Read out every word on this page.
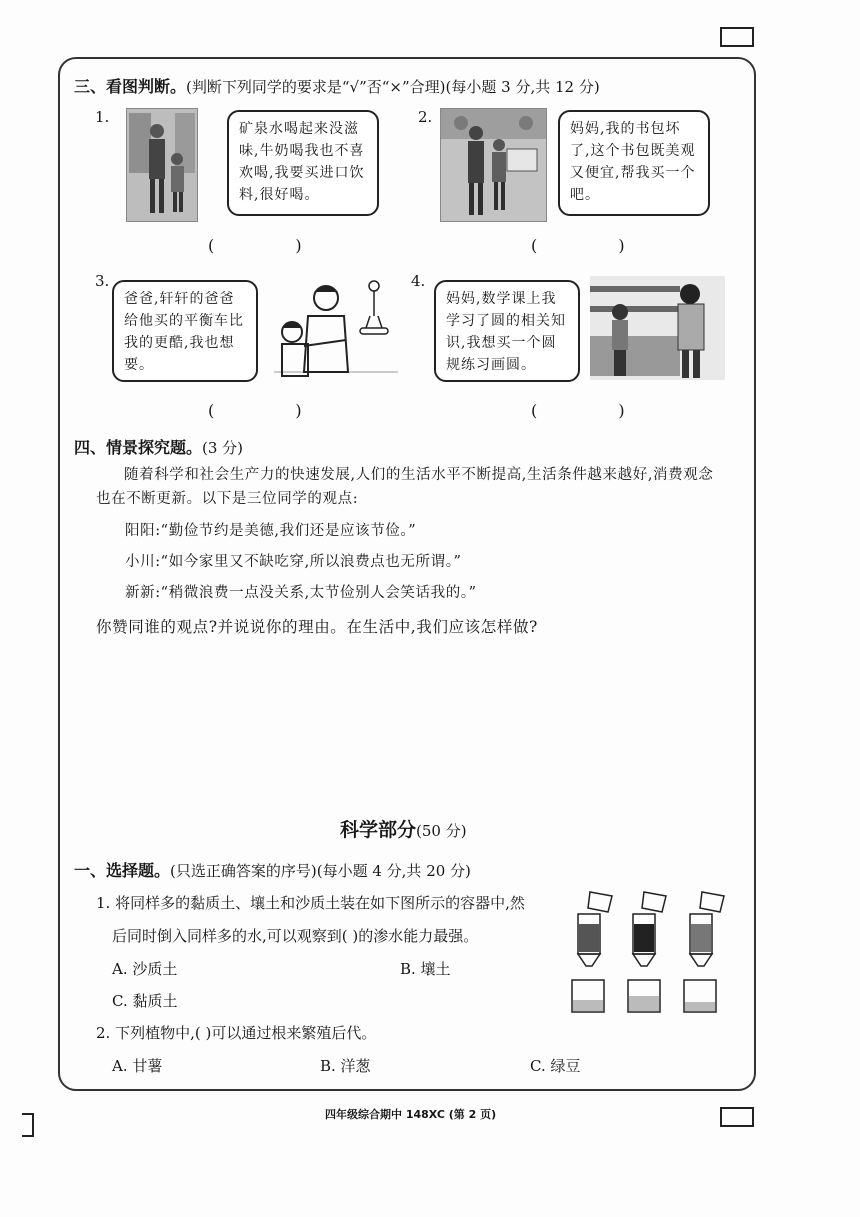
三、看图判断。(判断下列同学的要求是“√”否“×”合理)(每小题 3 分,共 12 分)
1.
矿泉水喝起来没滋味,牛奶喝我也不喜欢喝,我要买进口饮料,很好喝。
( )
2.
妈妈,我的书包坏了,这个书包既美观又便宜,帮我买一个吧。
( )
3.
爸爸,轩轩的爸爸给他买的平衡车比我的更酷,我也想要。
( )
4.
妈妈,数学课上我学习了圆的相关知识,我想买一个圆规练习画圆。
( )
四、情景探究题。(3 分)
随着科学和社会生产力的快速发展,人们的生活水平不断提高,生活条件越来越好,消费观念也在不断更新。以下是三位同学的观点:
阳阳:“勤俭节约是美德,我们还是应该节俭。”
小川:“如今家里又不缺吃穿,所以浪费点也无所谓。”
新新:“稍微浪费一点没关系,太节俭别人会笑话我的。”
你赞同谁的观点?并说说你的理由。在生活中,我们应该怎样做?
科学部分(50 分)
一、选择题。(只选正确答案的序号)(每小题 4 分,共 20 分)
1. 将同样多的黏质土、壤土和沙质土装在如下图所示的容器中,然
后同时倒入同样多的水,可以观察到( )的渗水能力最强。
A. 沙质土	B. 壤土
C. 黏质土
2. 下列植物中,( )可以通过根来繁殖后代。
A. 甘薯	B. 洋葱	C. 绿豆
四年级综合期中 148XC (第 2 页)
